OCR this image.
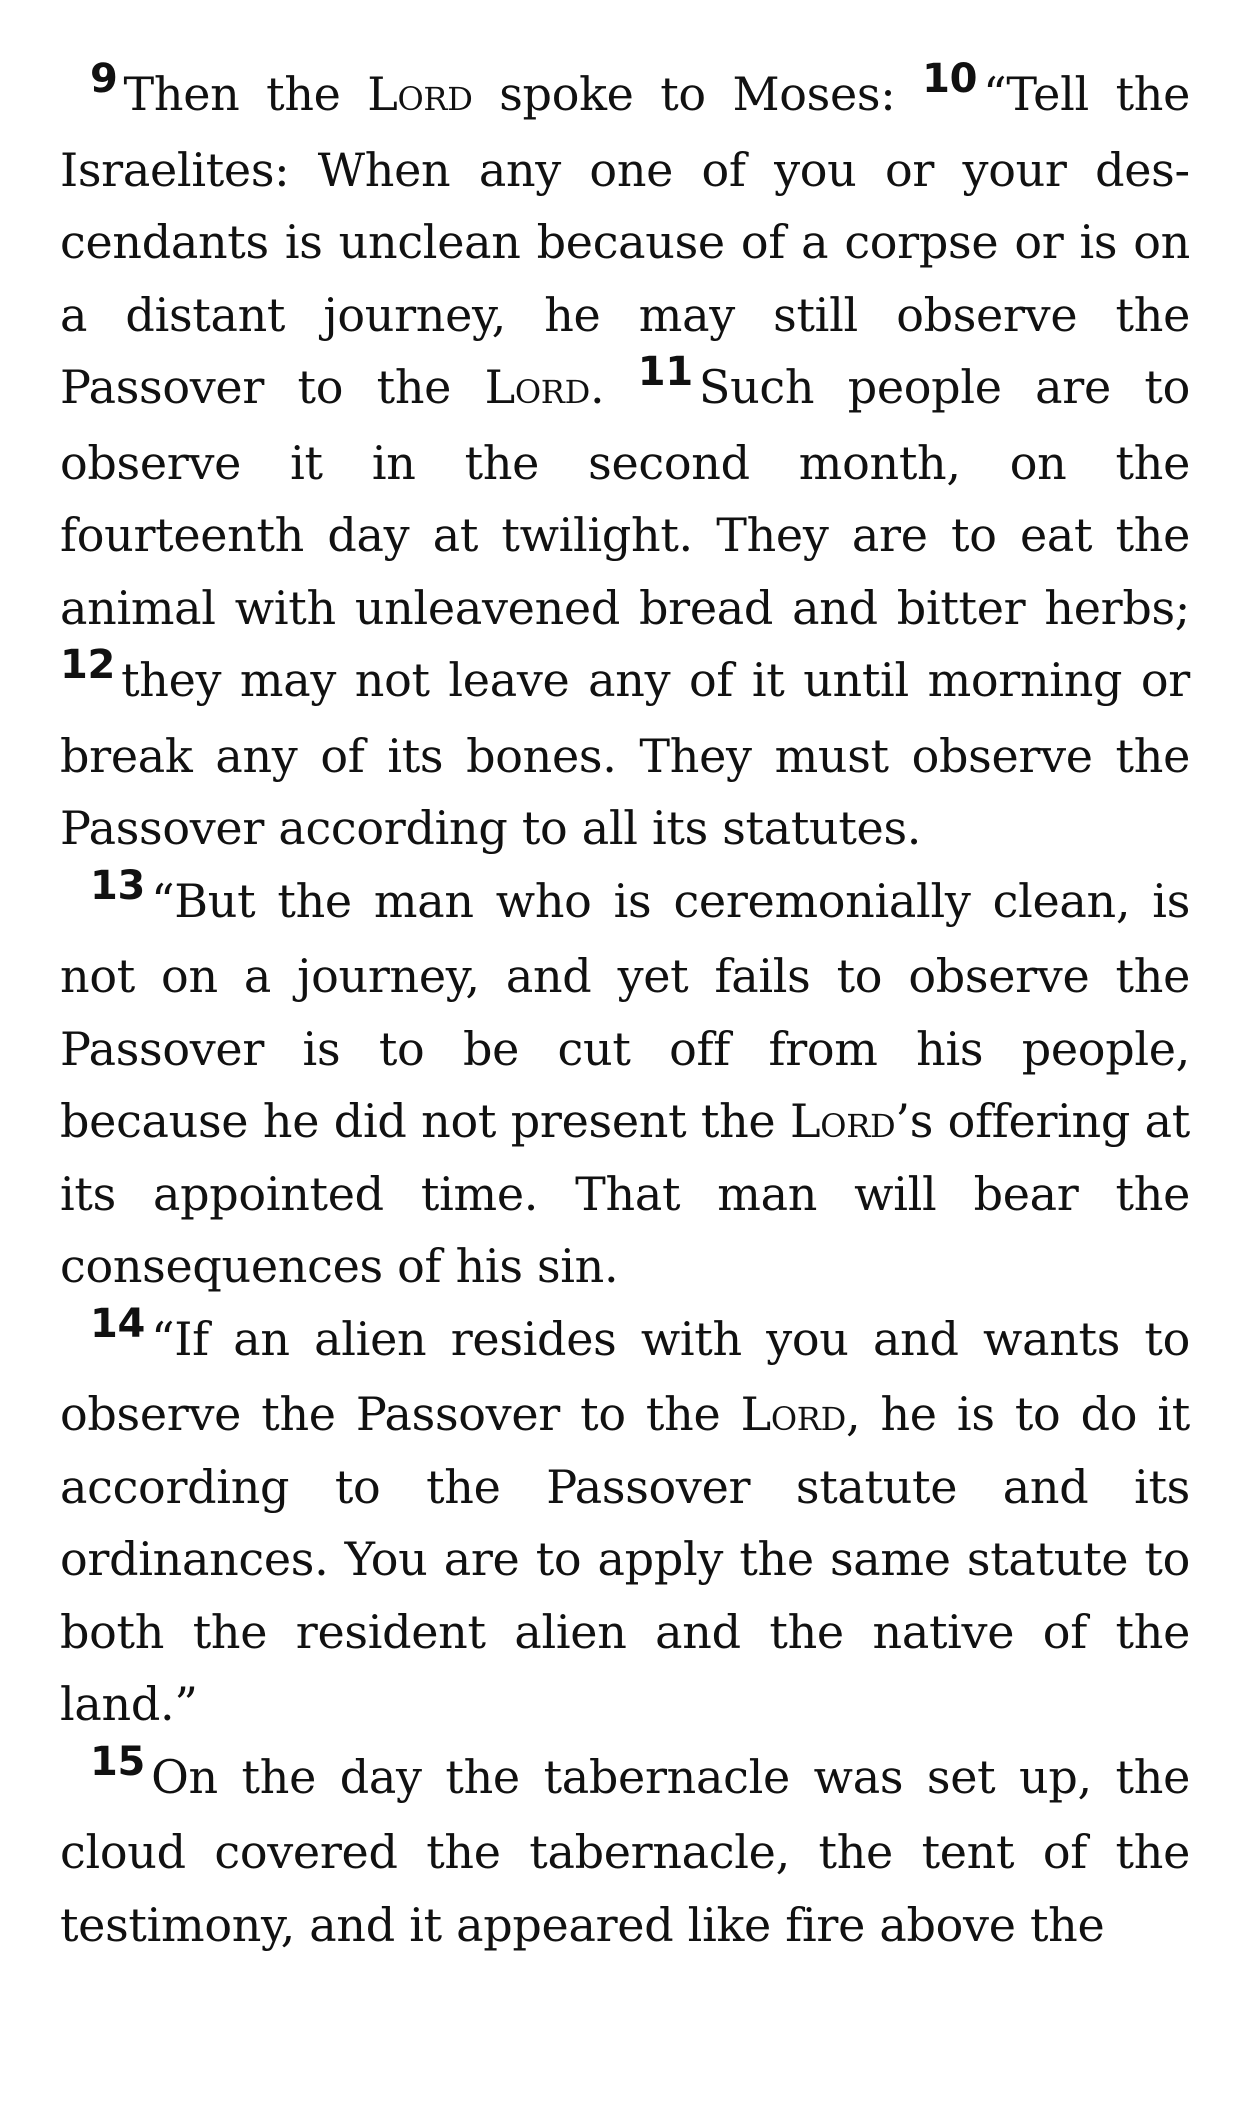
9 Then the Lord spoke to Moses: 10 “Tell the Israelites: When any one of you or your descendants is unclean because of a corpse or is on a distant journey, he may still observe the Passover to the Lord. 11 Such people are to observe it in the second month, on the fourteenth day at twilight. They are to eat the animal with unleavened bread and bitter herbs; 12 they may not leave any of it until morning or break any of its bones. They must observe the Passover according to all its statutes.

13 “But the man who is ceremonially clean, is not on a journey, and yet fails to observe the Passover is to be cut off from his people, because he did not present the Lord’s offering at its appointed time. That man will bear the consequences of his sin.

14 “If an alien resides with you and wants to observe the Passover to the Lord, he is to do it according to the Passover statute and its ordinances. You are to apply the same statute to both the resident alien and the native of the land.”

15 On the day the tabernacle was set up, the cloud covered the tabernacle, the tent of the testimony, and it appeared like fire above the
